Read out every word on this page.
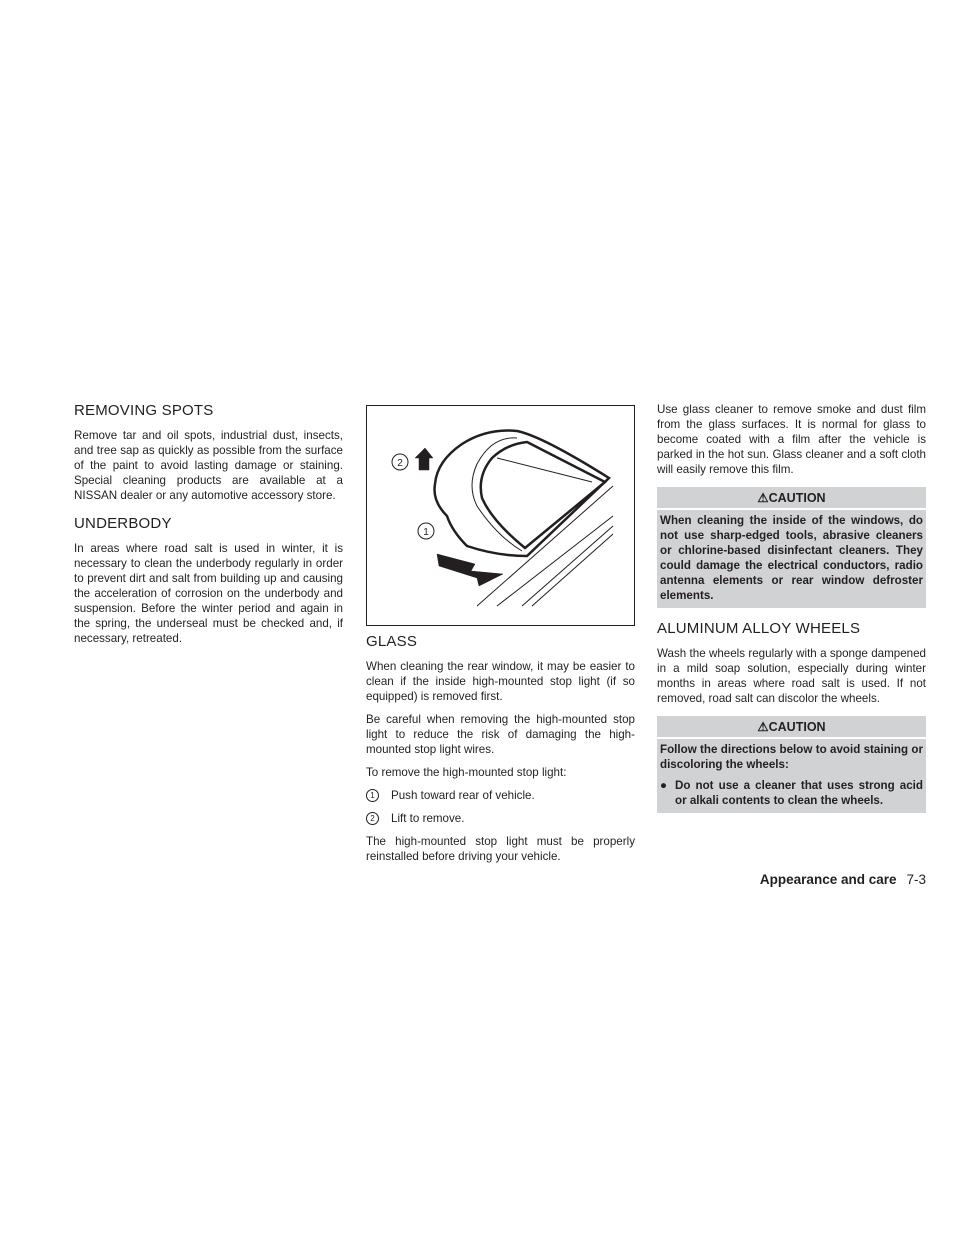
REMOVING SPOTS

Remove tar and oil spots, industrial dust, insects, and tree sap as quickly as possible from the surface of the paint to avoid lasting damage or staining. Special cleaning products are available at a NISSAN dealer or any automotive accessory store.

UNDERBODY

In areas where road salt is used in winter, it is necessary to clean the underbody regularly in order to prevent dirt and salt from building up and causing the acceleration of corrosion on the underbody and suspension. Before the winter period and again in the spring, the underseal must be checked and, if necessary, retreated.

2
1
GLASS

When cleaning the rear window, it may be easier to clean if the inside high-mounted stop light (if so equipped) is removed first.

Be careful when removing the high-mounted stop light to reduce the risk of damaging the high-mounted stop light wires.

To remove the high-mounted stop light:

1	Push toward rear of vehicle.
2	Lift to remove.

The high-mounted stop light must be properly reinstalled before driving your vehicle.

Use glass cleaner to remove smoke and dust film from the glass surfaces. It is normal for glass to become coated with a film after the vehicle is parked in the hot sun. Glass cleaner and a soft cloth will easily remove this film.

⚠CAUTION
When cleaning the inside of the windows, do not use sharp-edged tools, abrasive cleaners or chlorine-based disinfectant cleaners. They could damage the electrical conductors, radio antenna elements or rear window defroster elements.
ALUMINUM ALLOY WHEELS

Wash the wheels regularly with a sponge dampened in a mild soap solution, especially during winter months in areas where road salt is used. If not removed, road salt can discolor the wheels.

⚠CAUTION
Follow the directions below to avoid staining or discoloring the wheels:
● Do not use a cleaner that uses strong acid or alkali contents to clean the wheels.
Appearance and care 7-3
